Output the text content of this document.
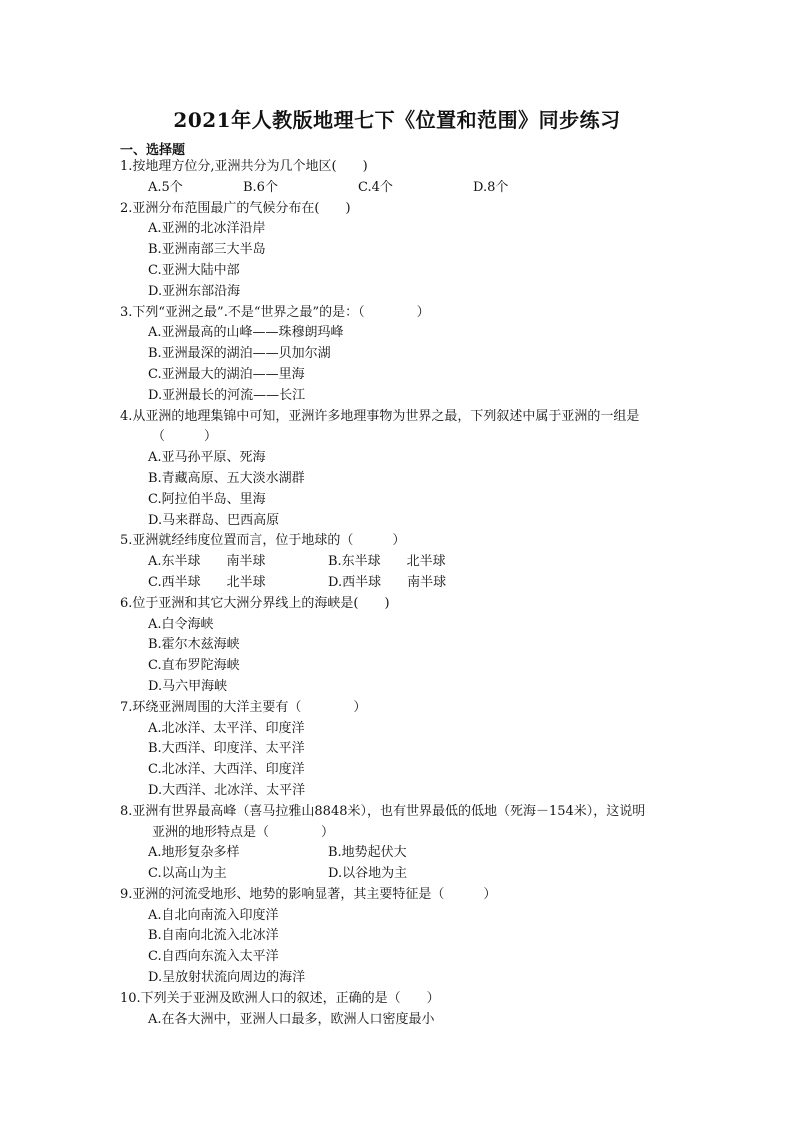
2021年人教版地理七下《位置和范围》同步练习
一、选择题
1.按地理方位分,亚洲共分为几个地区(　　)
A.5个	B.6个	C.4个	D.8个
2.亚洲分布范围最广的气候分布在(　　)
A.亚洲的北冰洋沿岸
B.亚洲南部三大半岛
C.亚洲大陆中部
D.亚洲东部沿海
3.下列“亚洲之最”.不是“世界之最”的是：（　　　　）
A.亚洲最高的山峰——珠穆朗玛峰
B.亚洲最深的湖泊——贝加尔湖
C.亚洲最大的湖泊——里海
D.亚洲最长的河流——长江
4.从亚洲的地理集锦中可知，亚洲许多地理事物为世界之最，下列叙述中属于亚洲的一组是
（　　　）
A.亚马孙平原、死海
B.青藏高原、五大淡水湖群
C.阿拉伯半岛、里海
D.马来群岛、巴西高原
5.亚洲就经纬度位置而言，位于地球的（　　　）
A.东半球　　南半球	B.东半球　　北半球
C.西半球　　北半球	D.西半球　　南半球
6.位于亚洲和其它大洲分界线上的海峡是(　　)
A.白令海峡
B.霍尔木兹海峡
C.直布罗陀海峡
D.马六甲海峡
7.环绕亚洲周围的大洋主要有（　　　　）
A.北冰洋、太平洋、印度洋
B.大西洋、印度洋、太平洋
C.北冰洋、大西洋、印度洋
D.大西洋、北冰洋、太平洋
8.亚洲有世界最高峰（喜马拉雅山8848米），也有世界最低的低地（死海－154米），这说明
亚洲的地形特点是（　　　　）
A.地形复杂多样	B.地势起伏大
C.以高山为主	D.以谷地为主
9.亚洲的河流受地形、地势的影响显著，其主要特征是（　　　）
A.自北向南流入印度洋
B.自南向北流入北冰洋
C.自西向东流入太平洋
D.呈放射状流向周边的海洋
10.下列关于亚洲及欧洲人口的叙述，正确的是（　　）
A.在各大洲中，亚洲人口最多，欧洲人口密度最小
